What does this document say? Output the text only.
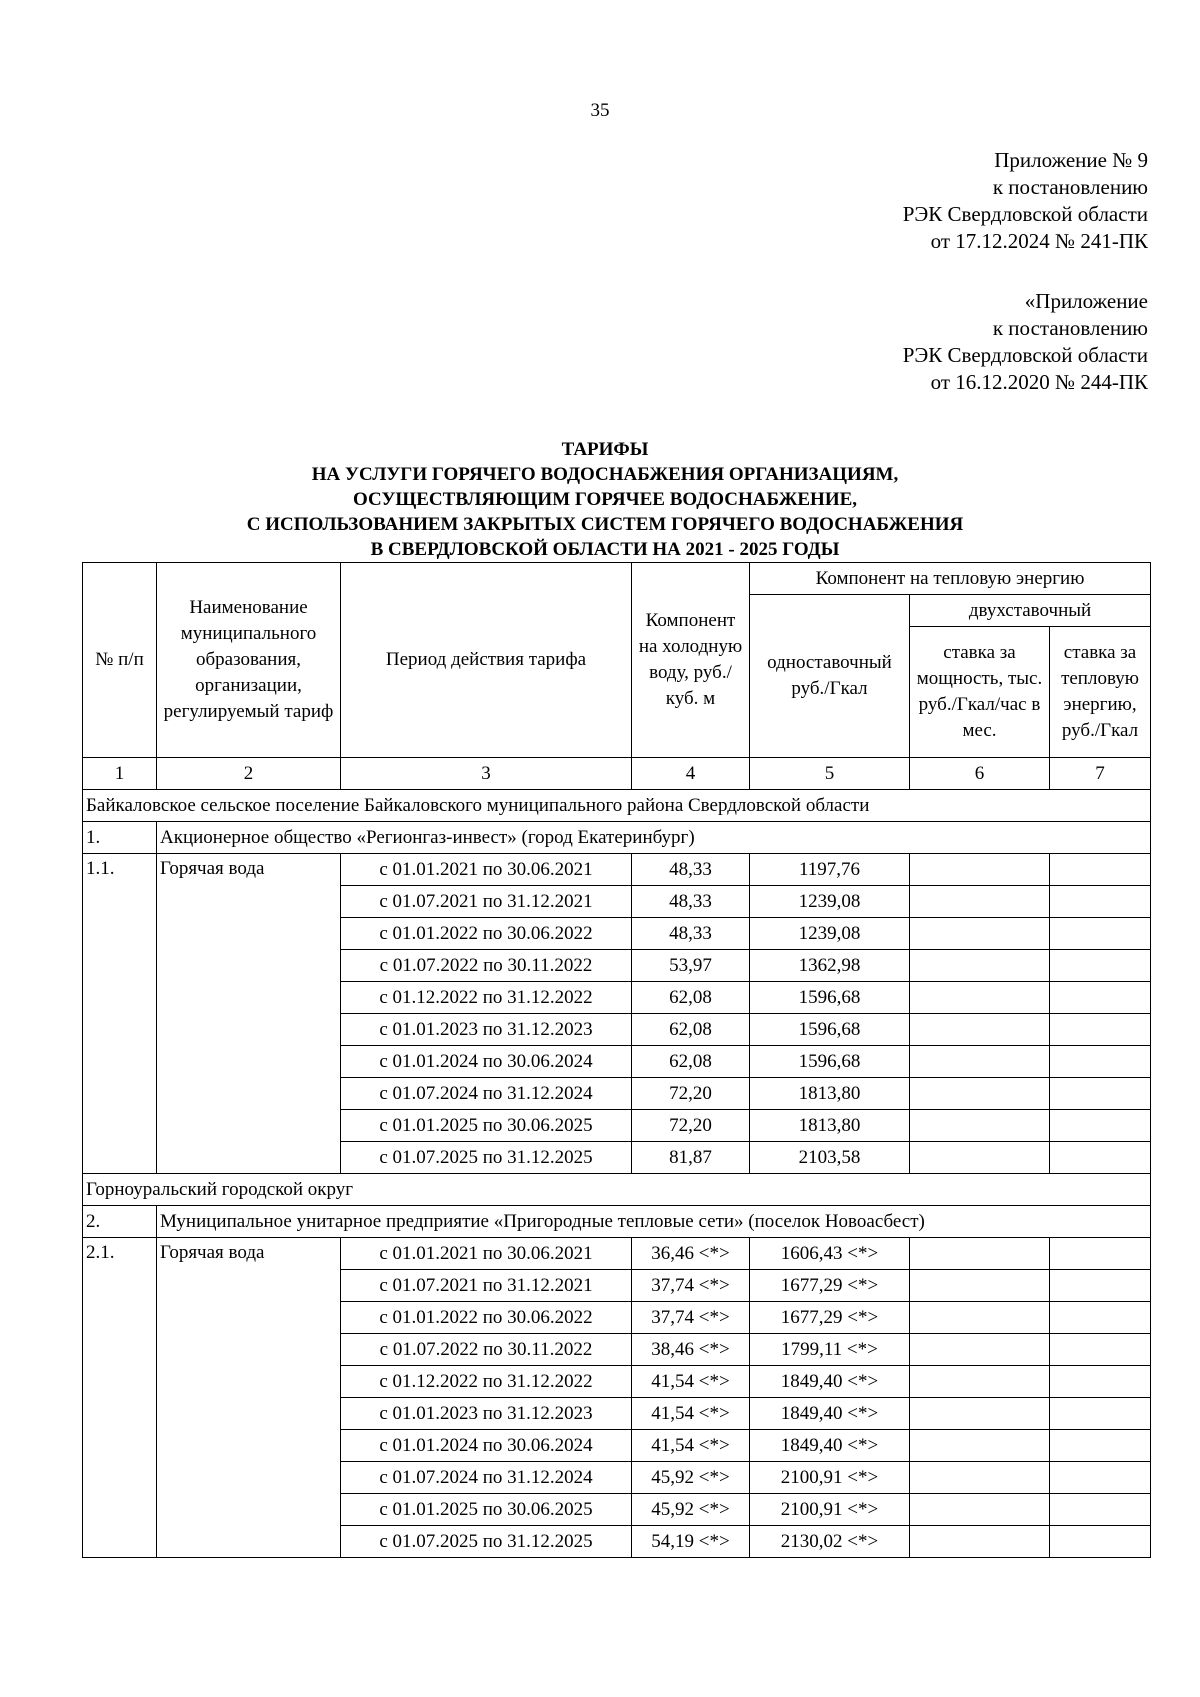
35
Приложение № 9
к постановлению
РЭК Свердловской области
от 17.12.2024 № 241-ПК
«Приложение
к постановлению
РЭК Свердловской области
от 16.12.2020 № 244-ПК
ТАРИФЫ
НА УСЛУГИ ГОРЯЧЕГО ВОДОСНАБЖЕНИЯ ОРГАНИЗАЦИЯМ,
ОСУЩЕСТВЛЯЮЩИМ ГОРЯЧЕЕ ВОДОСНАБЖЕНИЕ,
С ИСПОЛЬЗОВАНИЕМ ЗАКРЫТЫХ СИСТЕМ ГОРЯЧЕГО ВОДОСНАБЖЕНИЯ
В СВЕРДЛОВСКОЙ ОБЛАСТИ НА 2021 - 2025 ГОДЫ
№ п/п	Наименование муниципального образования, организации, регулируемый тариф	Период действия тарифа	Компонент на холодную воду, руб./куб. м	Компонент на тепловую энергию		
				одноставочный руб./Гкал	двухставочный	
					ставка за мощность, тыс. руб./Гкал/час в мес.	ставка за тепловую энергию, руб./Гкал
1	2	3	4	5	6	7
Байкаловское сельское поселение Байкаловского муниципального района Свердловской области						
1.	Акционерное общество «Регионгаз-инвест» (город Екатеринбург)					
1.1.	Горячая вода	с 01.01.2021 по 30.06.2021	48,33	1197,76		
		с 01.07.2021 по 31.12.2021	48,33	1239,08		
		с 01.01.2022 по 30.06.2022	48,33	1239,08		
		с 01.07.2022 по 30.11.2022	53,97	1362,98		
		с 01.12.2022 по 31.12.2022	62,08	1596,68		
		с 01.01.2023 по 31.12.2023	62,08	1596,68		
		с 01.01.2024 по 30.06.2024	62,08	1596,68		
		с 01.07.2024 по 31.12.2024	72,20	1813,80		
		с 01.01.2025 по 30.06.2025	72,20	1813,80		
		с 01.07.2025 по 31.12.2025	81,87	2103,58		
Горноуральский городской округ						
2.	Муниципальное унитарное предприятие «Пригородные тепловые сети» (поселок Новоасбест)					
2.1.	Горячая вода	с 01.01.2021 по 30.06.2021	36,46 <*>	1606,43 <*>		
		с 01.07.2021 по 31.12.2021	37,74 <*>	1677,29 <*>		
		с 01.01.2022 по 30.06.2022	37,74 <*>	1677,29 <*>		
		с 01.07.2022 по 30.11.2022	38,46 <*>	1799,11 <*>		
		с 01.12.2022 по 31.12.2022	41,54 <*>	1849,40 <*>		
		с 01.01.2023 по 31.12.2023	41,54 <*>	1849,40 <*>		
		с 01.01.2024 по 30.06.2024	41,54 <*>	1849,40 <*>		
		с 01.07.2024 по 31.12.2024	45,92 <*>	2100,91 <*>		
		с 01.01.2025 по 30.06.2025	45,92 <*>	2100,91 <*>		
		с 01.07.2025 по 31.12.2025	54,19 <*>	2130,02 <*>		
